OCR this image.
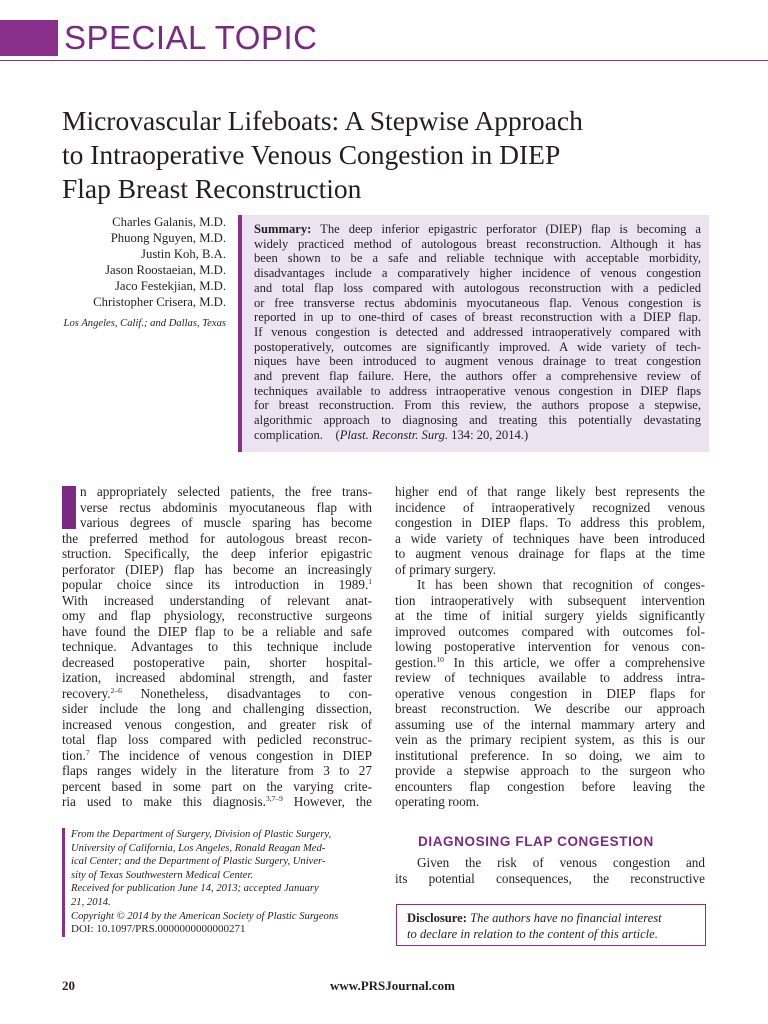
SPECIAL TOPIC
Microvascular Lifeboats: A Stepwise Approach
to Intraoperative Venous Congestion in DIEP
Flap Breast Reconstruction
Charles Galanis, M.D.
Phuong Nguyen, M.D.
Justin Koh, B.A.
Jason Roostaeian, M.D.
Jaco Festekjian, M.D.
Christopher Crisera, M.D.
Los Angeles, Calif.; and Dallas, Texas
Summary: The deep inferior epigastric perforator (DIEP) flap is becoming a
widely practiced method of autologous breast reconstruction. Although it has
been shown to be a safe and reliable technique with acceptable morbidity,
disadvantages include a comparatively higher incidence of venous congestion
and total flap loss compared with autologous reconstruction with a pedicled
or free transverse rectus abdominis myocutaneous flap. Venous congestion is
reported in up to one-third of cases of breast reconstruction with a DIEP flap.
If venous congestion is detected and addressed intraoperatively compared with
postoperatively, outcomes are significantly improved. A wide variety of tech-
niques have been introduced to augment venous drainage to treat congestion
and prevent flap failure. Here, the authors offer a comprehensive review of
techniques available to address intraoperative venous congestion in DIEP flaps
for breast reconstruction. From this review, the authors propose a stepwise,
algorithmic approach to diagnosing and treating this potentially devastating
complication. (Plast. Reconstr. Surg. 134: 20, 2014.)
n appropriately selected patients, the free trans-
verse rectus abdominis myocutaneous flap with
various degrees of muscle sparing has become
the preferred method for autologous breast recon-
struction. Specifically, the deep inferior epigastric
perforator (DIEP) flap has become an increasingly
popular choice since its introduction in 1989.$^1$
With increased understanding of relevant anat-
omy and flap physiology, reconstructive surgeons
have found the DIEP flap to be a reliable and safe
technique. Advantages to this technique include
decreased postoperative pain, shorter hospital-
ization, increased abdominal strength, and faster
recovery.$^{2-6}$ Nonetheless, disadvantages to con-
sider include the long and challenging dissection,
increased venous congestion, and greater risk of
total flap loss compared with pedicled reconstruc-
tion.$^7$ The incidence of venous congestion in DIEP
flaps ranges widely in the literature from 3 to 27
percent based in some part on the varying crite-
ria used to make this diagnosis.$^{3,7-9}$ However, the
higher end of that range likely best represents the
incidence of intraoperatively recognized venous
congestion in DIEP flaps. To address this problem,
a wide variety of techniques have been introduced
to augment venous drainage for flaps at the time
of primary surgery.
It has been shown that recognition of conges-
tion intraoperatively with subsequent intervention
at the time of initial surgery yields significantly
improved outcomes compared with outcomes fol-
lowing postoperative intervention for venous con-
gestion.$^{10}$ In this article, we offer a comprehensive
review of techniques available to address intra-
operative venous congestion in DIEP flaps for
breast reconstruction. We describe our approach
assuming use of the internal mammary artery and
vein as the primary recipient system, as this is our
institutional preference. In so doing, we aim to
provide a stepwise approach to the surgeon who
encounters flap congestion before leaving the
operating room.
DIAGNOSING FLAP CONGESTION
Given the risk of venous congestion and
its potential consequences, the reconstructive
From the Department of Surgery, Division of Plastic Surgery,
University of California, Los Angeles, Ronald Reagan Med-
ical Center; and the Department of Plastic Surgery, Univer-
sity of Texas Southwestern Medical Center.
Received for publication June 14, 2013; accepted January
21, 2014.
Copyright © 2014 by the American Society of Plastic Surgeons
DOI: 10.1097/PRS.0000000000000271
Disclosure: The authors have no financial interest
to declare in relation to the content of this article.
20	www.PRSJournal.com
